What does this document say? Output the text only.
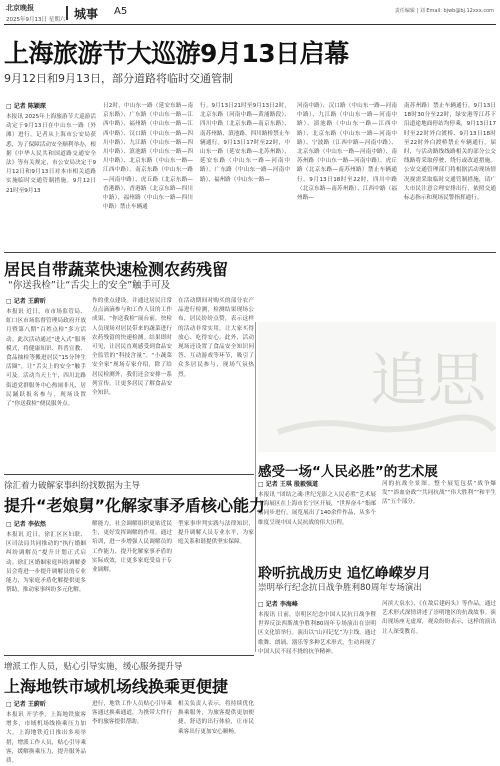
北京晚报
2025年9月13日 星期六 城事 A5	责任编辑 | 刘 Email: bjwb@bj.12xxx.com
上海旅游节大巡游9月13日启幕
9月12日和9月13日，部分道路将临时交通管制
□ 记者 陈颖琛
本报讯 2025年上海旅游节大巡游活动定于9月13日在中山东一路（外滩）进行。记者从上海市公安局获悉，为了保障活动安全顺利举办，根据《中华人民共和国道路交通安全法》等有关规定，市公安局决定于9月12日和9月13日对本市相关道路实施临时交通管制措施。9月12日21时至9月13
日2时，中山东一路（延安东路—南京东路）、广东路（中山东一路—江西中路）、福州路（中山东一路—江西中路）、汉口路（中山东一路—四川中路）、九江路（中山东一路—四川中路）、滇池路（中山东一路—四川中路）、北京东路（中山东一路—江西中路）、南京东路（中山东一路—河南中路）、虎丘路（北京东路—香港路）、香港路（北京东路—四川中路）、福州路（中山东一路—四川中路）禁止车辆通
行。9月13日21时至9月13日2时，北京东路（河南中路—黄浦路段）、四川中路（北京东路—南京东路）、南苏州路、滇池路、四川路桥禁止车辆通行。9月13日17时至22时，中山东一路（延安东路—北苏州路）、延安东路（中山东一路—河南中路）、广东路（中山东一路—河南中路）、福州路（中山东一路—
河南中路）、汉口路（中山东一路—河南中路）、九江路（中山东一路—河南中路）、滇池路（中山东一路—江西中路）、北京东路（中山东一路—河南中路）、宁波路（江西中路—河南中路）、北京东路（中山东一路—河南中路）、南苏州路（中山东一路—河南中路）、虎丘路（北京东路—南苏州路）禁止车辆通行。9月13日18时至22时，四川中路（北京东路—南苏州路）、江西中路（福州路—
南苏州路）禁止车辆通行。9月13日18时30分至22时，绿安港等江苏下沿道途地面停站均停乘，9月13日17时至22时外白渡桥、9月13日18时至22时外白渡桥禁止车辆通行。届时，与活动路线线路相关的部分公交线路将采取停驶、绕行或改道措施。公安交通管理部门将根据活动现场情况视需采取临时交通管制措施，请广大市民注意合理安排出行，依照交通标志指示和现场民警指挥通行。
居民自带蔬菜快速检测农药残留
“你送我检”让“舌尖上的安全”触手可及
□ 记者 王蔚昕
本报讯 近日，市市场监管局、虹口区市场监督管理局政府开放月暨第八期“百姓点检”多方活动。此次活动通过“进入式”服务模式，将健康知识、科普宣教、食品抽检等搬进居民“15分钟生活圈”，让“舌尖上的安全”触手可及。活动当天上午，四川北路街道党群服务中心热闹非凡，居民踊跃报名参与，现场设置了“你送我检”便民服务点。
作的重点建设。并通过居民日常点点滴滴参与和工作人员的工作成果，“你送我检”展台前，快检人员现场对居民带来的蔬菜进行农药残留的快速检测。结果即时可见，让居民直观感受到食品安全监管的“科技含量”。“小蔬菜安全家”现场专家介绍，除了给居民检测外，我们还会安排一系列宣传，让更多居民了解食品安全知识。
在活动期间对购买的部分农产品进行检测，检测结果现场公布，居民纷纷点赞，表示这样的活动非常实用，让大家买得放心、吃得安心。此外，活动现场还设置了食品安全知识问答、互动游戏等环节，吸引了众多居民参与，现场气氛热烈。	追思
感受一场“人民必胜”的艺术展
□ 记者 王琪 殷毅强道
本报讯 “团结之魂·世纪光影之人民必胜”艺术展上海展区在上海市长宁区开展，“世界奋斗”集邮展同步进行。展览展出了140余件作品，从多个维度呈现中国人民抗战的伟大历程。
河的抗战全景图。整个展览包括“战争爆发”“浴血奋战”“共同抗战”“伟大胜利”“和平生活”五个部分。
聆听抗战历史 追忆峥嵘岁月
崇明举行纪念抗日战争胜利80周年专场演出
□ 记者 李海峰
本报讯 日前，崇明区纪念中国人民抗日战争暨世界反法西斯战争胜利80周年专场演出在崇明区文化馆举行。演出以“山河记忆”为主线，通过歌舞、朗诵、器乐等多种艺术形式，生动再现了中国人民不屈不挠的抗争精神。
河滨大泉水》、《在敌后建码头》等作品，通过艺术形式深情讲述了崇明地区的抗战故事。演出现场座无虚席，观众纷纷表示，这样的演出让人深受教育。
徐汇着力破解家事纠纷找数据为主导
提升“老娘舅”化解家事矛盾核心能力
□ 记者 李依然
本报讯 近日，徐汇区区妇联、区司法局共同推动的“执行婚姻纠纷调解员”提升计划正式启动。徐汇区婚姻家庭纠纷调解委员会将进一步提升调解员的专业能力，为家庭矛盾化解提供更多帮助，推动家事纠纷多元化解。
解能力，社会调解组织更贴近民生，更好发挥调解的作用。通过培训，进一步增强人民调解员的工作能力，提升化解家事矛盾的实际成效，让更多家庭受益于专业调解。
型家事审判实践与法律知识，提升调解人员专业水平，为家庭关系和谐提供坚实保障。
增派工作人员，贴心引导实施，缓心服务提升导
上海地铁市域机场线换乘更便捷
□ 记者 王蔚昕
本报讯 开学季，上海地铁旅客增多，市域机场线换乘压力加大。上海地铁近日推出多项举措，增派工作人员，贴心引导乘客，缓解换乘压力，提升服务品质。
进行，地铁工作人员贴心引导乘客通过换乘通道，为携带大件行李的旅客提供帮助。
相关负责人表示，将持续优化换乘服务，为旅客提供更加便捷、舒适的出行体验，让市民乘客出行更加安心顺畅。
